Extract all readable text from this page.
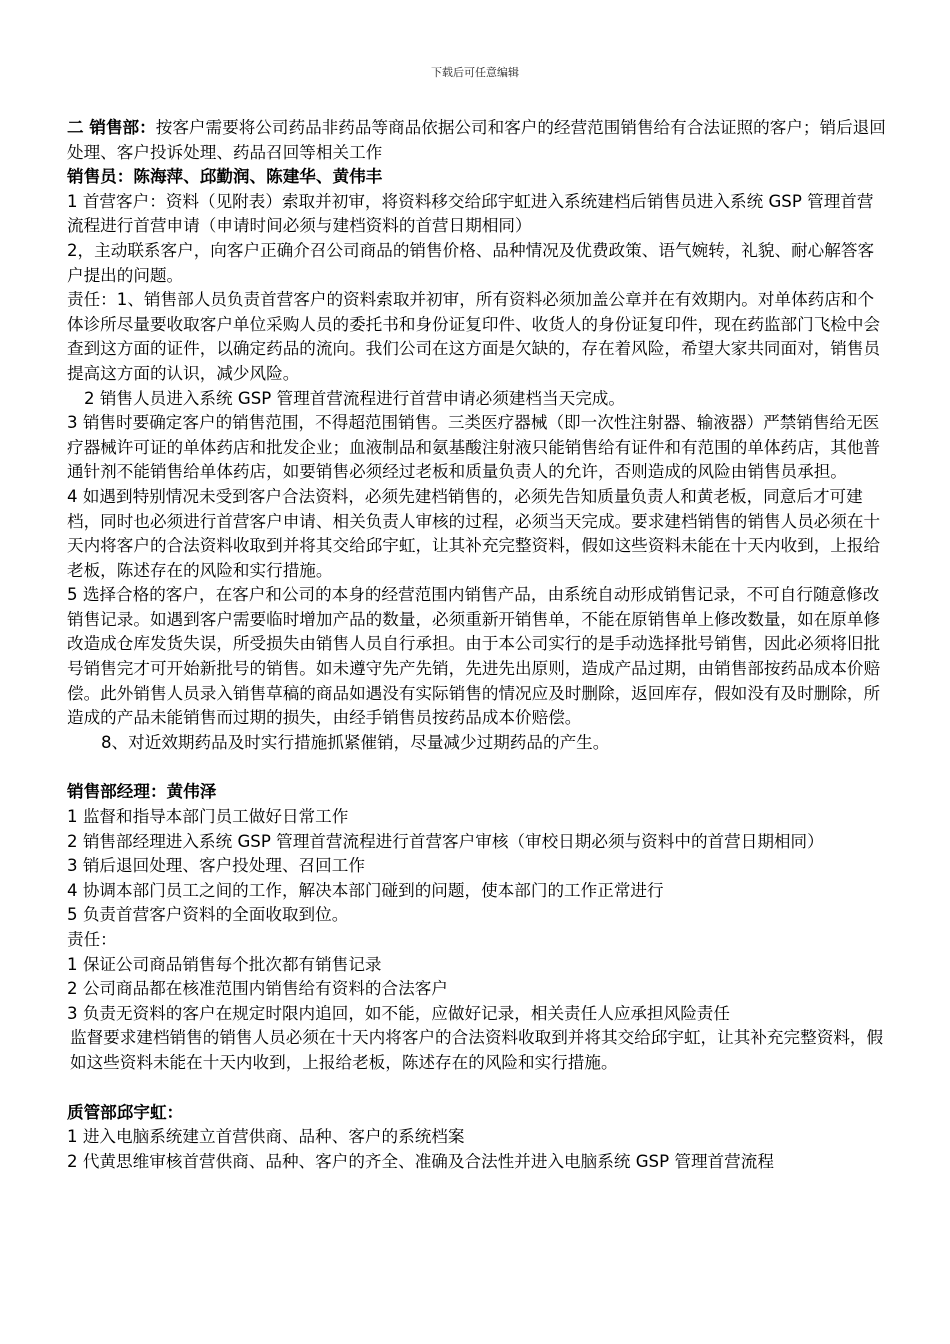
下载后可任意编辑

二 销售部：按客户需要将公司药品非药品等商品依据公司和客户的经营范围销售给有合法证照的客户；销后退回处理、客户投诉处理、药品召回等相关工作

销售员：陈海萍、邱勤润、陈建华、黄伟丰

1 首营客户：资料（见附表）索取并初审，将资料移交给邱宇虹进入系统建档后销售员进入系统 GSP 管理首营流程进行首营申请（申请时间必须与建档资料的首营日期相同）

2，主动联系客户，向客户正确介召公司商品的销售价格、品种情况及优费政策、语气婉转，礼貌、耐心解答客户提出的问题。

责任：1、销售部人员负责首营客户的资料索取并初审，所有资料必须加盖公章并在有效期内。对单体药店和个体诊所尽量要收取客户单位采购人员的委托书和身份证复印件、收货人的身份证复印件，现在药监部门飞检中会查到这方面的证件，以确定药品的流向。我们公司在这方面是欠缺的，存在着风险，希望大家共同面对，销售员提高这方面的认识，减少风险。

2 销售人员进入系统 GSP 管理首营流程进行首营申请必须建档当天完成。

3 销售时要确定客户的销售范围，不得超范围销售。三类医疗器械（即一次性注射器、输液器）严禁销售给无医疗器械许可证的单体药店和批发企业；血液制品和氨基酸注射液只能销售给有证件和有范围的单体药店，其他普通针剂不能销售给单体药店，如要销售必须经过老板和质量负责人的允许，否则造成的风险由销售员承担。

4 如遇到特别情况未受到客户合法资料，必须先建档销售的，必须先告知质量负责人和黄老板，同意后才可建档，同时也必须进行首营客户申请、相关负责人审核的过程，必须当天完成。要求建档销售的销售人员必须在十天内将客户的合法资料收取到并将其交给邱宇虹，让其补充完整资料，假如这些资料未能在十天内收到，上报给老板，陈述存在的风险和实行措施。

5 选择合格的客户，在客户和公司的本身的经营范围内销售产品，由系统自动形成销售记录，不可自行随意修改销售记录。如遇到客户需要临时增加产品的数量，必须重新开销售单，不能在原销售单上修改数量，如在原单修改造成仓库发货失误，所受损失由销售人员自行承担。由于本公司实行的是手动选择批号销售，因此必须将旧批号销售完才可开始新批号的销售。如未遵守先产先销，先进先出原则，造成产品过期，由销售部按药品成本价赔偿。此外销售人员录入销售草稿的商品如遇没有实际销售的情况应及时删除，返回库存，假如没有及时删除，所造成的产品未能销售而过期的损失，由经手销售员按药品成本价赔偿。

8、对近效期药品及时实行措施抓紧催销，尽量减少过期药品的产生。

销售部经理：黄伟泽

1 监督和指导本部门员工做好日常工作

2 销售部经理进入系统 GSP 管理首营流程进行首营客户审核（审校日期必须与资料中的首营日期相同）

3 销后退回处理、客户投处理、召回工作

4 协调本部门员工之间的工作，解决本部门碰到的问题，使本部门的工作正常进行

5 负责首营客户资料的全面收取到位。

责任：

1 保证公司商品销售每个批次都有销售记录

2 公司商品都在核准范围内销售给有资料的合法客户

3 负责无资料的客户在规定时限内追回，如不能，应做好记录，相关责任人应承担风险责任

监督要求建档销售的销售人员必须在十天内将客户的合法资料收取到并将其交给邱宇虹，让其补充完整资料，假如这些资料未能在十天内收到，上报给老板，陈述存在的风险和实行措施。

质管部邱宇虹：

1 进入电脑系统建立首营供商、品种、客户的系统档案

2 代黄思维审核首营供商、品种、客户的齐全、准确及合法性并进入电脑系统 GSP 管理首营流程
